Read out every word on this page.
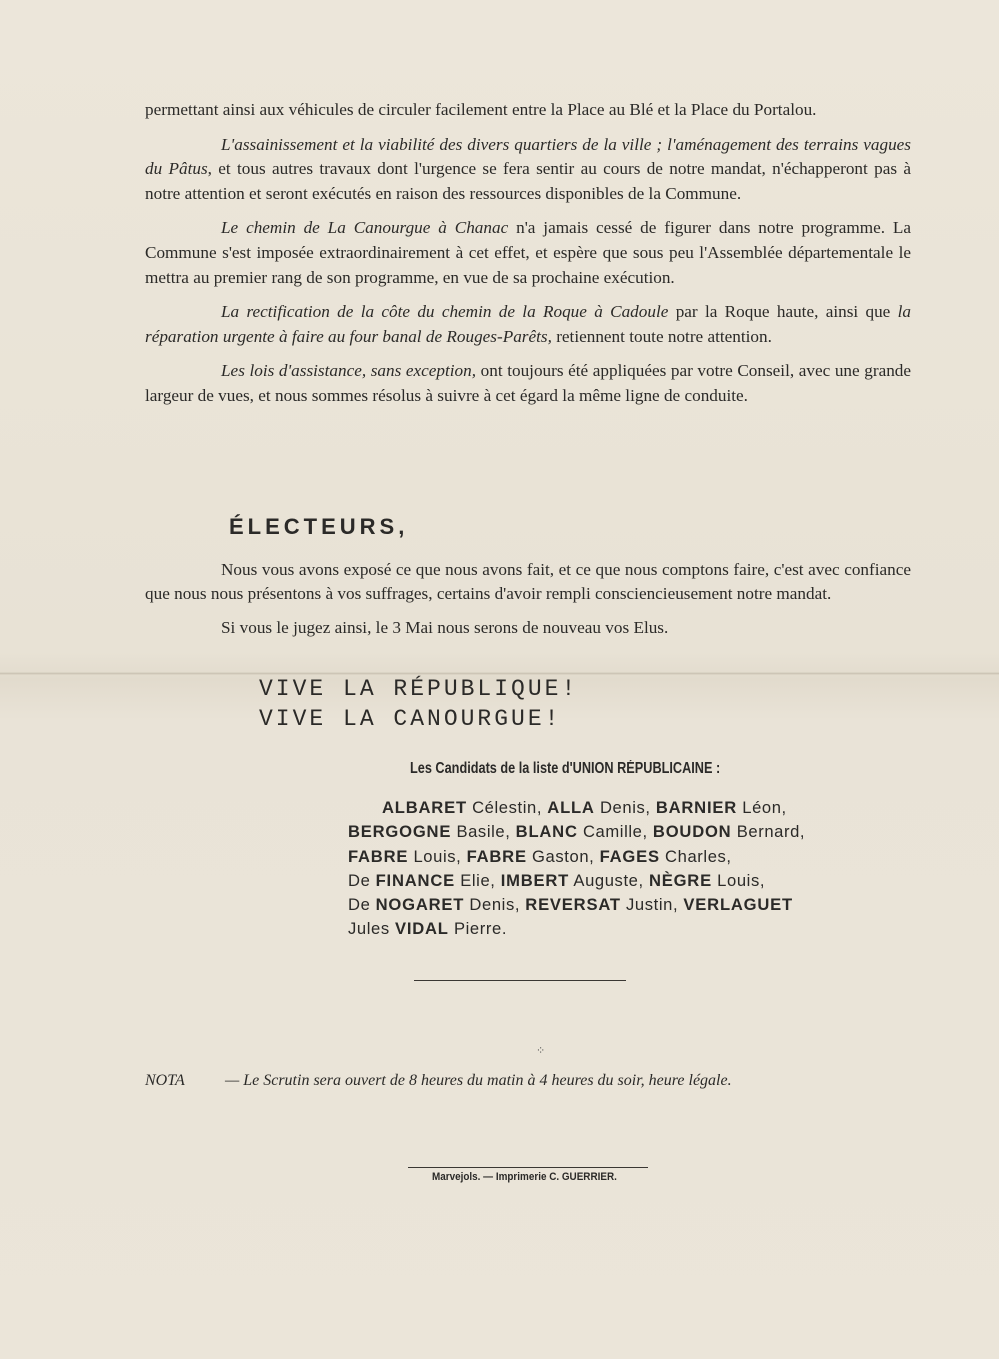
permettant ainsi aux véhicules de circuler facilement entre la Place au Blé et la Place du Portalou.

L'assainissement et la viabilité des divers quartiers de la ville ; l'aménagement des terrains vagues du Pâtus, et tous autres travaux dont l'urgence se fera sentir au cours de notre mandat, n'échapperont pas à notre attention et seront exécutés en raison des ressources disponibles de la Commune.

Le chemin de La Canourgue à Chanac n'a jamais cessé de figurer dans notre programme. La Commune s'est imposée extraordinairement à cet effet, et espère que sous peu l'Assemblée départementale le mettra au premier rang de son programme, en vue de sa prochaine exécution.

La rectification de la côte du chemin de la Roque à Cadoule par la Roque haute, ainsi que la réparation urgente à faire au four banal de Rouges-Parêts, retiennent toute notre attention.

Les lois d'assistance, sans exception, ont toujours été appliquées par votre Conseil, avec une grande largeur de vues, et nous sommes résolus à suivre à cet égard la même ligne de conduite.

ÉLECTEURS,

Nous vous avons exposé ce que nous avons fait, et ce que nous comptons faire, c'est avec confiance que nous nous présentons à vos suffrages, certains d'avoir rempli consciencieusement notre mandat.

Si vous le jugez ainsi, le 3 Mai nous serons de nouveau vos Elus.

VIVE LA RÉPUBLIQUE!
VIVE LA CANOURGUE!
Les Candidats de la liste d'UNION RÉPUBLICAINE :
ALBARET Célestin, ALLA Denis, BARNIER Léon,
BERGOGNE Basile, BLANC Camille, BOUDON Bernard,
FABRE Louis, FABRE Gaston, FAGES Charles,
De FINANCE Elie, IMBERT Auguste, NÈGRE Louis,
De NOGARET Denis, REVERSAT Justin, VERLAGUET
Jules VIDAL Pierre.
⁘
NOTA	— Le Scrutin sera ouvert de 8 heures du matin à 4 heures du soir, heure légale.
Marvejols. — Imprimerie C. GUERRIER.
